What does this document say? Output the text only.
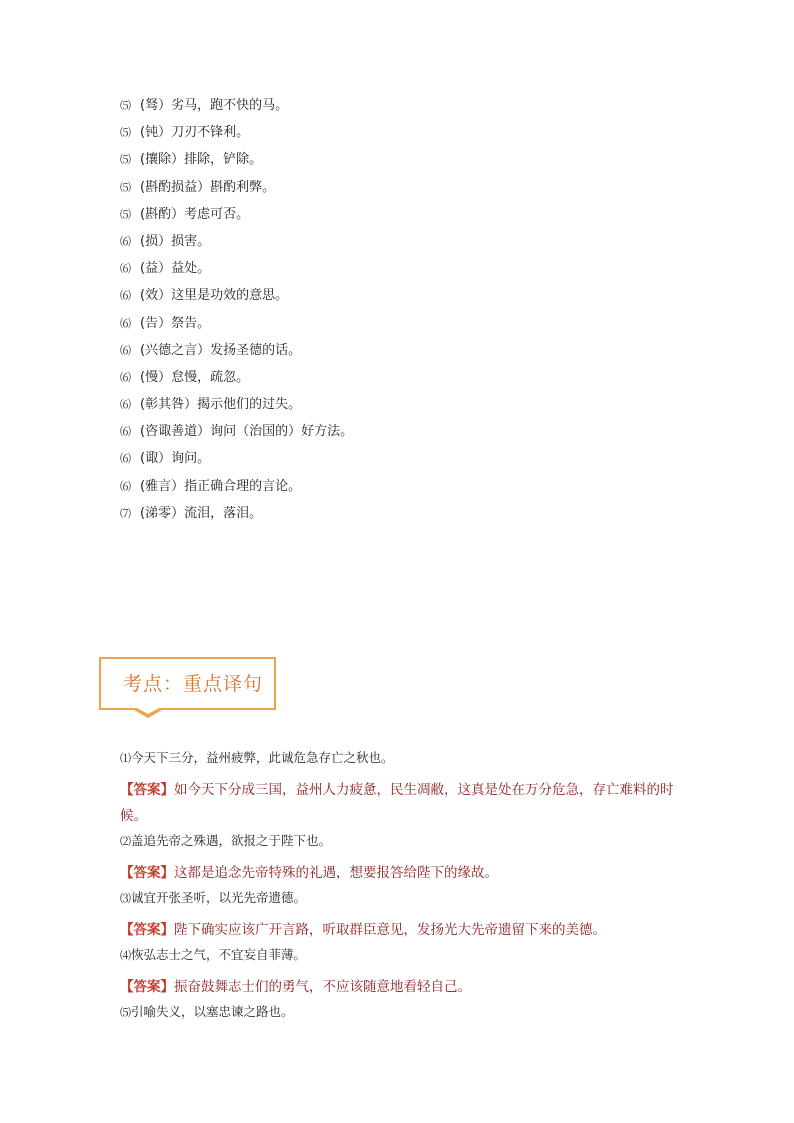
⑸ (驽）劣马，跑不快的马。
⑸ (钝）刀刃不锋利。
⑸ (攘除）排除，铲除。
⑸ (斟酌损益）斟酌利弊。
⑸ (斟酌）考虑可否。
⑹ (损）损害。
⑹ (益）益处。
⑹ (效）这里是功效的意思。
⑹ (告）祭告。
⑹ (兴德之言）发扬圣德的话。
⑹ (慢）怠慢，疏忽。
⑹ (彰其咎）揭示他们的过失。
⑹ (咨诹善道）询问（治国的）好方法。
⑹ (诹）询问。
⑹ (雅言）指正确合理的言论。
⑺ (涕零）流泪，落泪。
考点：重点译句
⑴今天下三分，益州疲弊，此诚危急存亡之秋也。
【答案】如今天下分成三国，益州人力疲惫，民生凋敝，这真是处在万分危急，存亡难料的时候。
⑵盖追先帝之殊遇，欲报之于陛下也。
【答案】这都是追念先帝特殊的礼遇，想要报答给陛下的缘故。
⑶诚宜开张圣听，以光先帝遗德。
【答案】陛下确实应该广开言路，听取群臣意见，发扬光大先帝遗留下来的美德。
⑷恢弘志士之气，不宜妄自菲薄。
【答案】振奋鼓舞志士们的勇气，不应该随意地看轻自己。
⑸引喻失义，以塞忠谏之路也。
